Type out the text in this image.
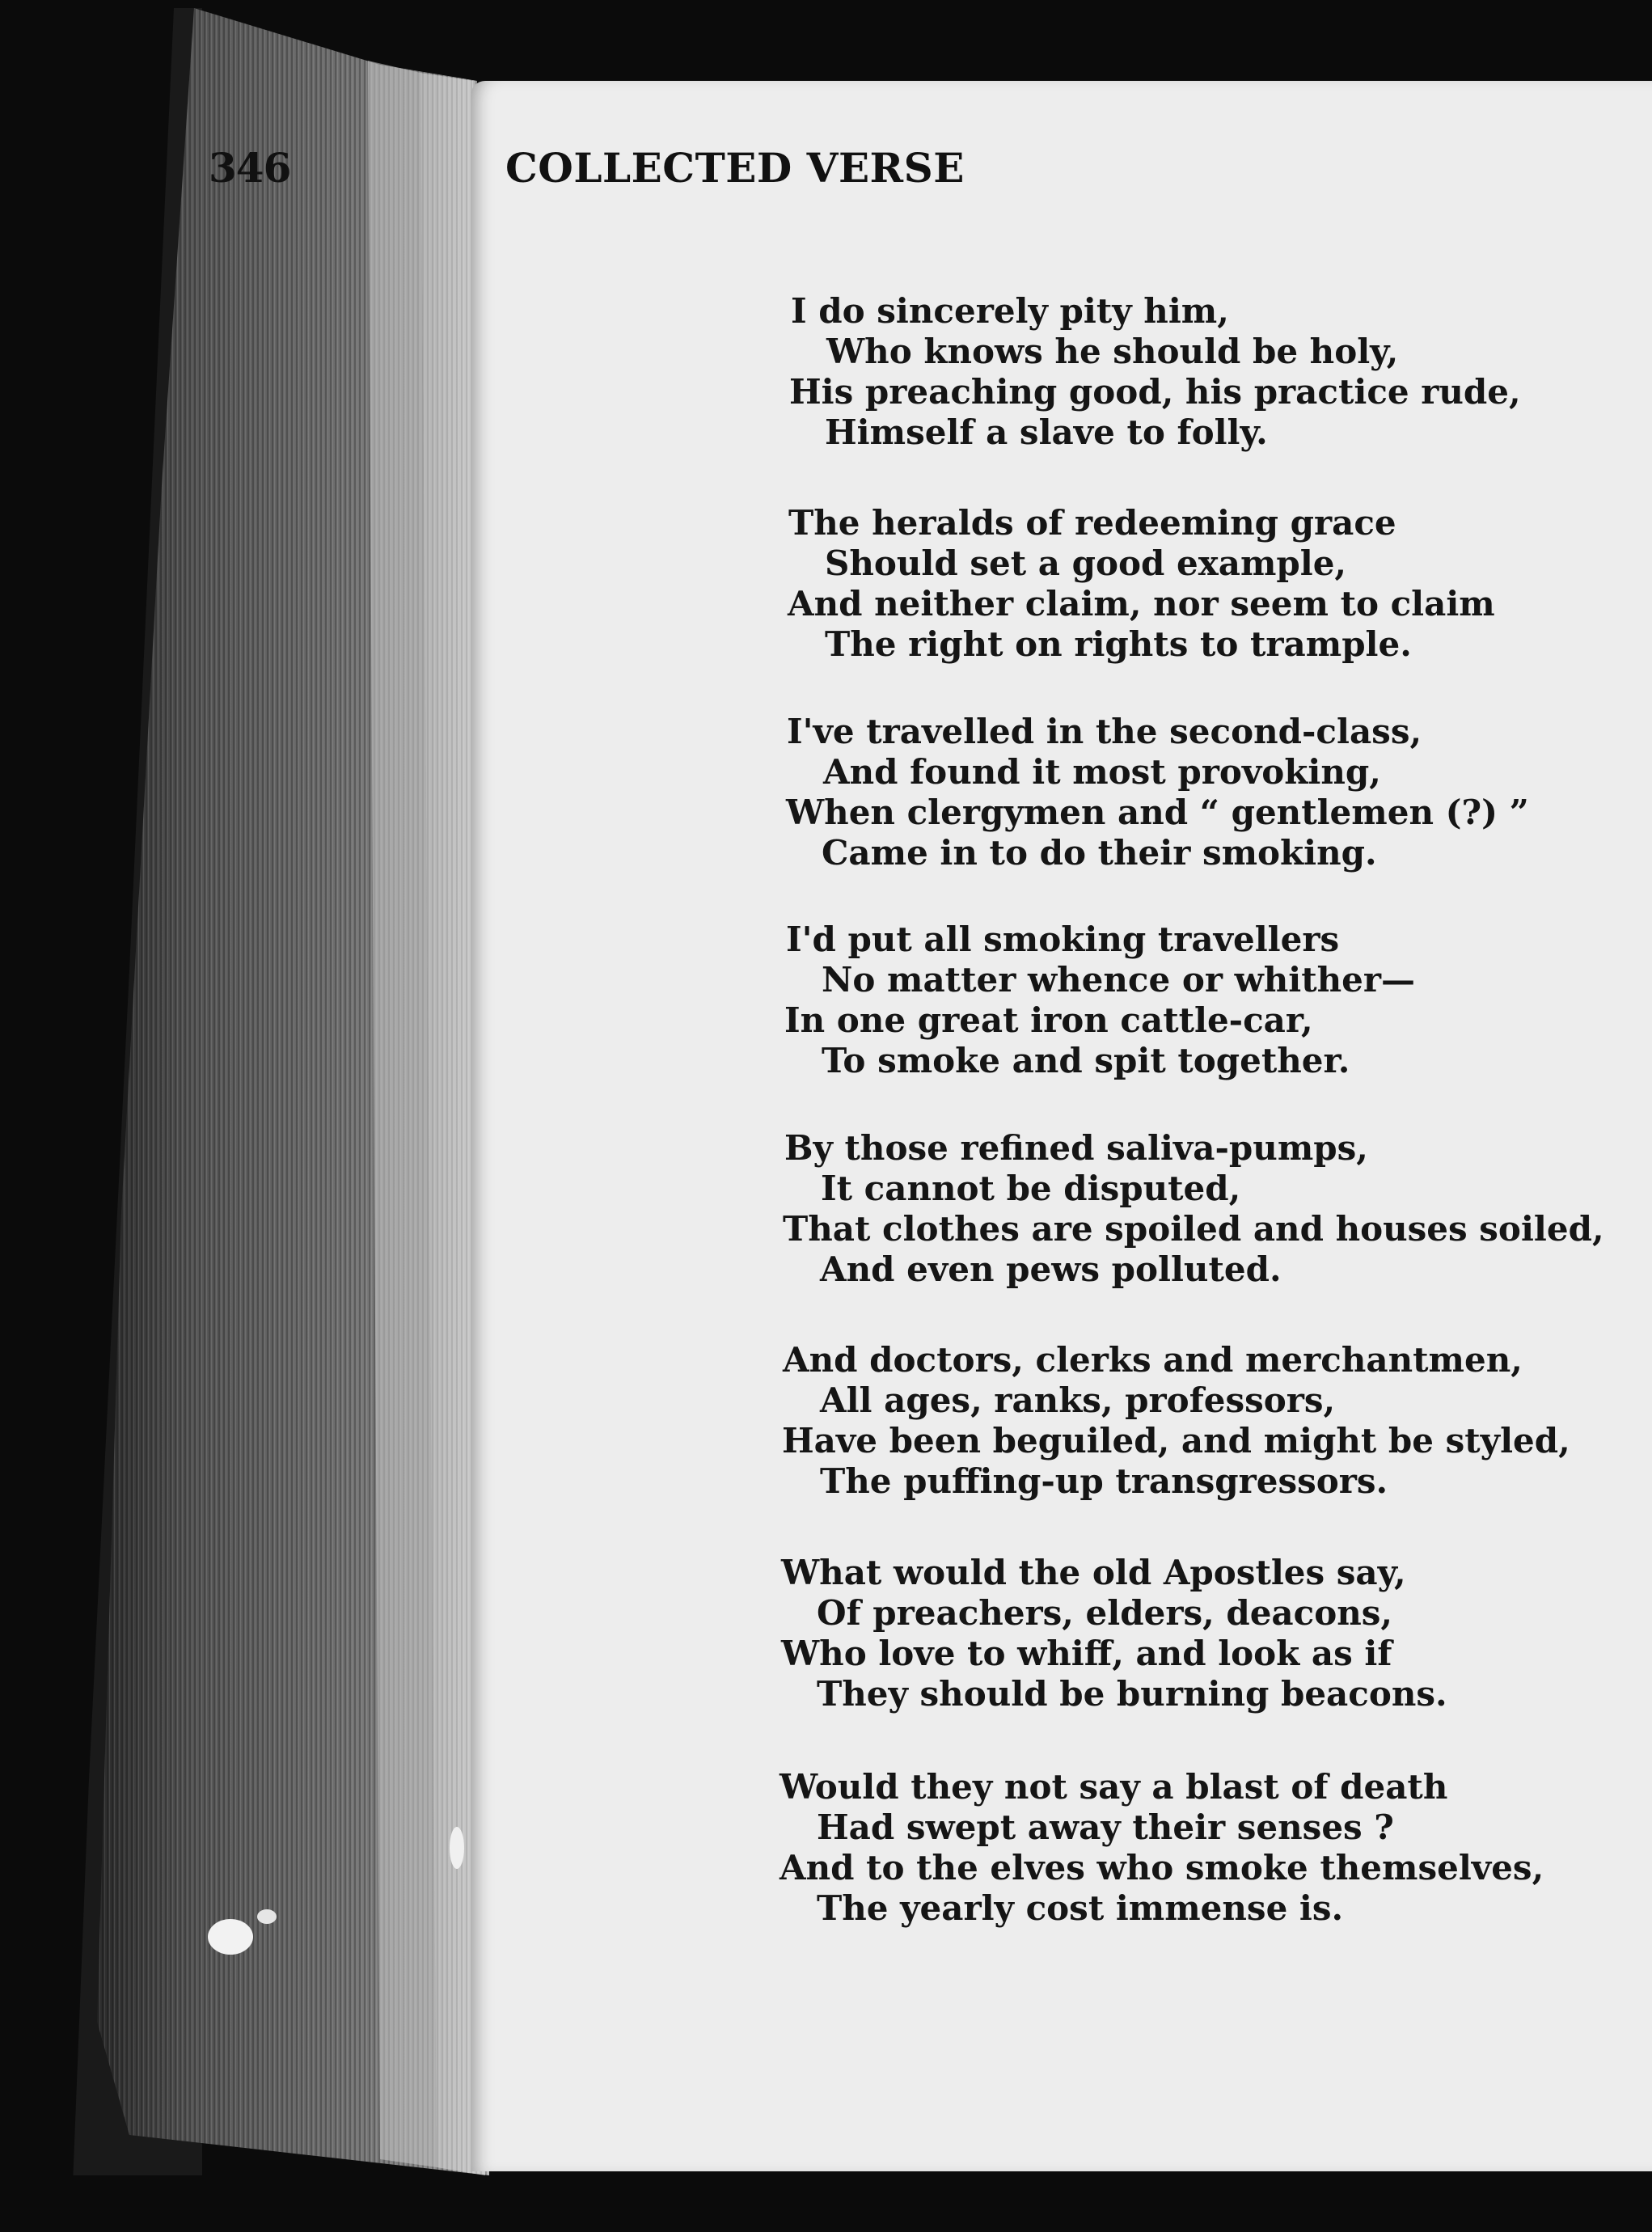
346	COLLECTED VERSE
I do sincerely pity him,
Who knows he should be holy,
His preaching good, his practice rude,
Himself a slave to folly.
The heralds of redeeming grace
Should set a good example,
And neither claim, nor seem to claim
The right on rights to trample.
I've travelled in the second-class,
And found it most provoking,
When clergymen and “ gentlemen (?) ”
Came in to do their smoking.
I'd put all smoking travellers
No matter whence or whither—
In one great iron cattle-car,
To smoke and spit together.
By those refined saliva-pumps,
It cannot be disputed,
That clothes are spoiled and houses soiled,
And even pews polluted.
And doctors, clerks and merchantmen,
All ages, ranks, professors,
Have been beguiled, and might be styled,
The puffing-up transgressors.
What would the old Apostles say,
Of preachers, elders, deacons,
Who love to whiff, and look as if
They should be burning beacons.
Would they not say a blast of death
Had swept away their senses ?
And to the elves who smoke themselves,
The yearly cost immense is.
